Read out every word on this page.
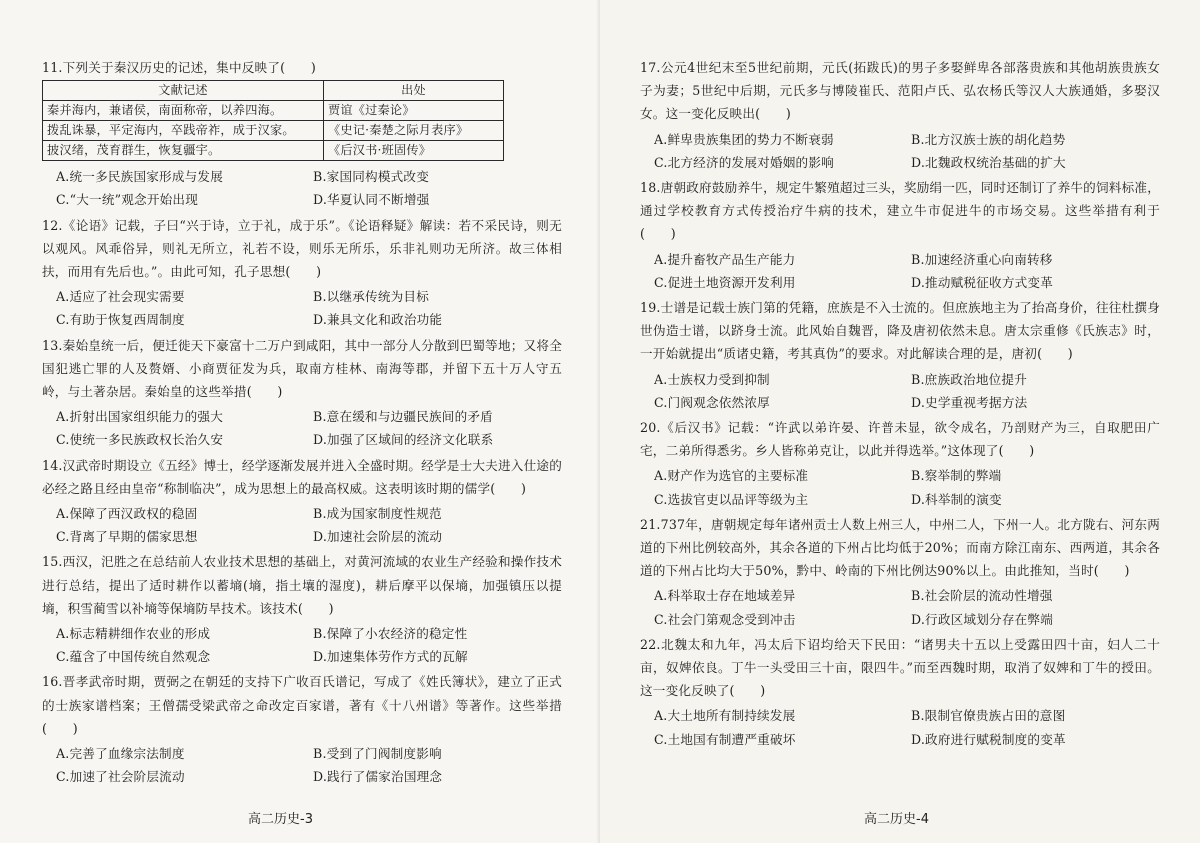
11.下列关于秦汉历史的记述，集中反映了(　　)

文献记述	出处
秦并海内，兼诸侯，南面称帝，以养四海。	贾谊《过秦论》
拨乱诛暴，平定海内，卒践帝祚，成于汉家。	《史记·秦楚之际月表序》
披汉绪，茂育群生，恢复疆宇。	《后汉书·班固传》
A.统一多民族国家形成与发展	B.家国同构模式改变
C.“大一统”观念开始出现	D.华夏认同不断增强

12.《论语》记载，子曰“兴于诗，立于礼，成于乐”。《论语释疑》解读：若不采民诗，则无以观风。风乖俗异，则礼无所立，礼若不设，则乐无所乐，乐非礼则功无所济。故三体相扶，而用有先后也。”。由此可知，孔子思想(　　)

A.适应了社会现实需要	B.以继承传统为目标
C.有助于恢复西周制度	D.兼具文化和政治功能

13.秦始皇统一后，便迁徙天下豪富十二万户到咸阳，其中一部分人分散到巴蜀等地；又将全国犯逃亡罪的人及赘婿、小商贾征发为兵，取南方桂林、南海等郡，并留下五十万人守五岭，与土著杂居。秦始皇的这些举措(　　)

A.折射出国家组织能力的强大	B.意在缓和与边疆民族间的矛盾
C.使统一多民族政权长治久安	D.加强了区域间的经济文化联系

14.汉武帝时期设立《五经》博士，经学逐渐发展并进入全盛时期。经学是士大夫进入仕途的必经之路且经由皇帝“称制临决”，成为思想上的最高权威。这表明该时期的儒学(　　)

A.保障了西汉政权的稳固	B.成为国家制度性规范
C.背离了早期的儒家思想	D.加速社会阶层的流动

15.西汉，汜胜之在总结前人农业技术思想的基础上，对黄河流域的农业生产经验和操作技术进行总结，提出了适时耕作以蓄墒(墒，指土壤的湿度)，耕后摩平以保墒，加强镇压以提墒，积雪蔺雪以补墒等保墒防旱技术。该技术(　　)

A.标志精耕细作农业的形成	B.保障了小农经济的稳定性
C.蕴含了中国传统自然观念	D.加速集体劳作方式的瓦解

16.晋孝武帝时期，贾弼之在朝廷的支持下广收百氏谱记，写成了《姓氏簿状》，建立了正式的士族家谱档案；王僧孺受梁武帝之命改定百家谱，著有《十八州谱》等著作。这些举措(　　)

A.完善了血缘宗法制度	B.受到了门阀制度影响
C.加速了社会阶层流动	D.践行了儒家治国理念
高二历史-3

17.公元4世纪末至5世纪前期，元氏(拓跋氏)的男子多娶鲜卑各部落贵族和其他胡族贵族女子为妻；5世纪中后期，元氏多与博陵崔氏、范阳卢氏、弘农杨氏等汉人大族通婚，多娶汉女。这一变化反映出(　　)

A.鲜卑贵族集团的势力不断衰弱	B.北方汉族士族的胡化趋势
C.北方经济的发展对婚姻的影响	D.北魏政权统治基础的扩大

18.唐朝政府鼓励养牛，规定牛繁殖超过三头，奖励绢一匹，同时还制订了养牛的饲料标准，通过学校教育方式传授治疗牛病的技术，建立牛市促进牛的市场交易。这些举措有利于(　　)

A.提升畜牧产品生产能力	B.加速经济重心向南转移
C.促进土地资源开发利用	D.推动赋税征收方式变革

19.士谱是记载士族门第的凭籍，庶族是不入士流的。但庶族地主为了抬高身价，往往杜撰身世伪造士谱，以跻身士流。此风始自魏晋，降及唐初依然未息。唐太宗重修《氏族志》时，一开始就提出“质诸史籍，考其真伪”的要求。对此解读合理的是，唐初(　　)

A.士族权力受到抑制	B.庶族政治地位提升
C.门阀观念依然浓厚	D.史学重视考据方法

20.《后汉书》记载：“许武以弟许晏、许普未显，欲令成名，乃剖财产为三，自取肥田广宅，二弟所得悉劣。乡人皆称弟克让，以此并得选举。”这体现了(　　)

A.财产作为选官的主要标准	B.察举制的弊端
C.选拔官吏以品评等级为主	D.科举制的演变

21.737年，唐朝规定每年诸州贡士人数上州三人，中州二人，下州一人。北方陇右、河东两道的下州比例较高外，其余各道的下州占比均低于20%；而南方除江南东、西两道，其余各道的下州占比均大于50%，黔中、岭南的下州比例达90%以上。由此推知，当时(　　)

A.科举取士存在地域差异	B.社会阶层的流动性增强
C.社会门第观念受到冲击	D.行政区域划分存在弊端

22.北魏太和九年，冯太后下诏均给天下民田：“诸男夫十五以上受露田四十亩，妇人二十亩，奴婢依良。丁牛一头受田三十亩，限四牛。”而至西魏时期，取消了奴婢和丁牛的授田。这一变化反映了(　　)

A.大土地所有制持续发展	B.限制官僚贵族占田的意图
C.土地国有制遭严重破坏	D.政府进行赋税制度的变革
高二历史-4
